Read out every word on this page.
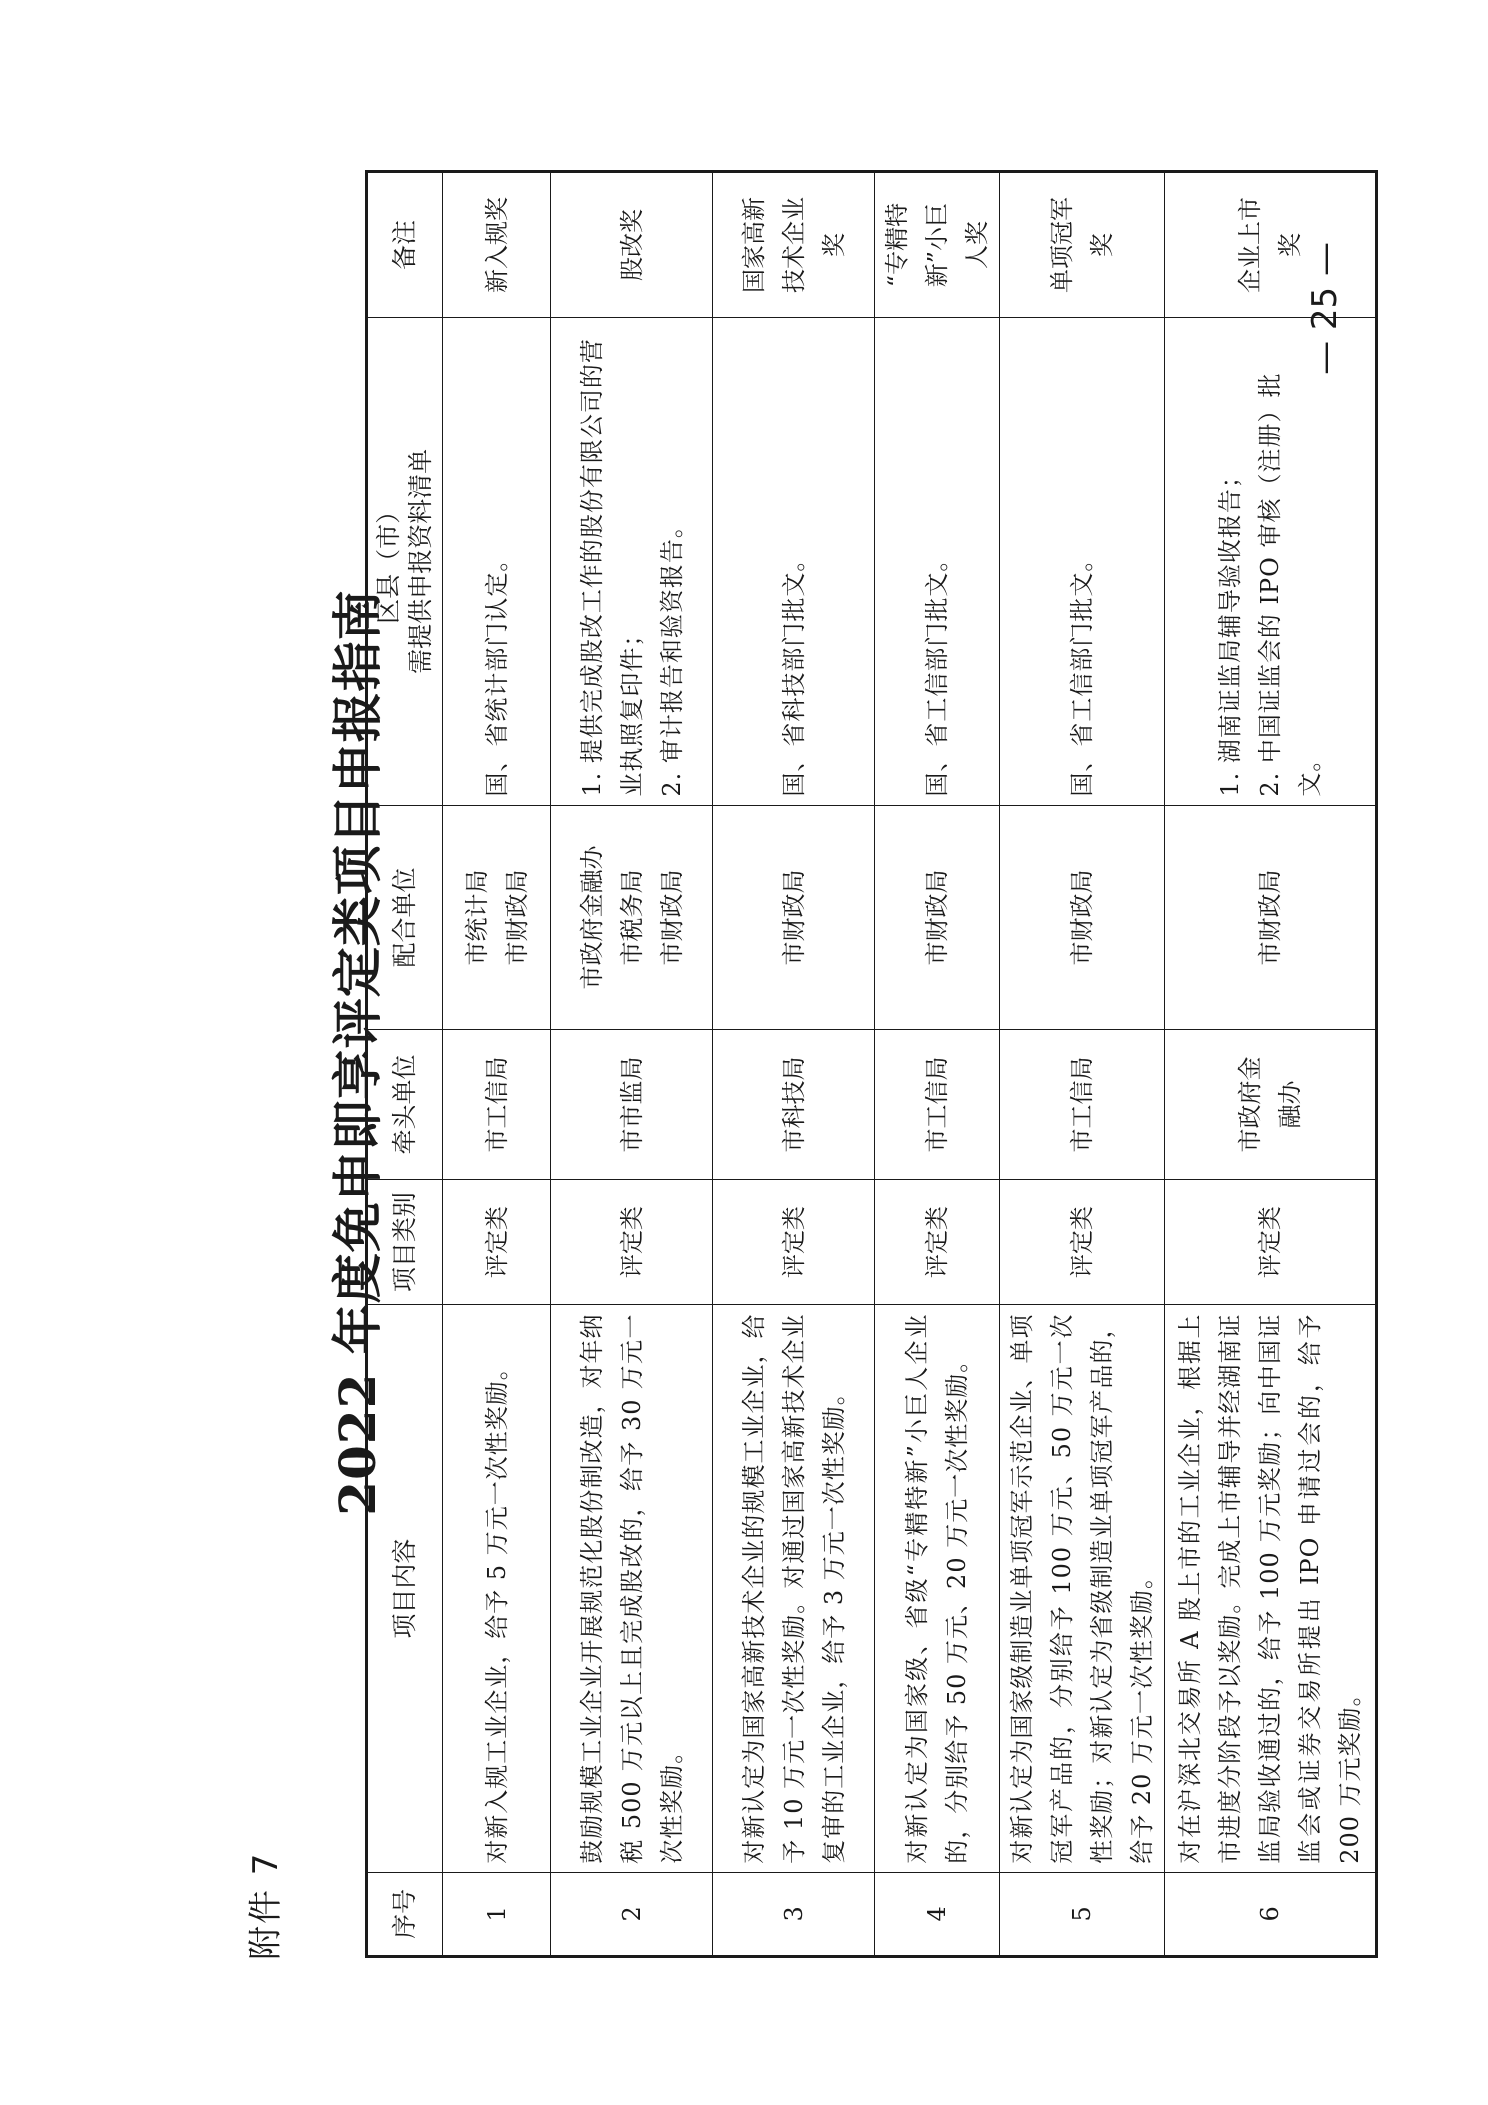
附件 7
2022 年度免申即享评定类项目申报指南
序号	项目内容	项目类别	牵头单位	配合单位	区县（市） 需提供申报资料清单	备注
1	对新入规工业企业，给予 5 万元一次性奖励。	评定类	市工信局	市统计局 市财政局	国、省统计部门认定。	新入规奖

2	鼓励规模工业企业开展规范化股份制改造，对年纳税 500 万元以上且完成股改的，给予 30 万元一次性奖励。	评定类	市市监局	市政府金融办 市税务局 市财政局	1. 提供完成股改工作的股份有限公司的营业执照复印件； 2. 审计报告和验资报告。	股改奖

3	对新认定为国家高新技术企业的规模工业企业，给予 10 万元一次性奖励。对通过国家高新技术企业复审的工业企业，给予 3 万元一次性奖励。	评定类	市科技局	市财政局	国、省科技部门批文。	国家高新 技术企业 奖

4	对新认定为国家级、省级“专精特新”小巨人企业的，分别给予 50 万元、20 万元一次性奖励。	评定类	市工信局	市财政局	国、省工信部门批文。	“专精特 新”小巨 人奖

5	对新认定为国家级制造业单项冠军示范企业、单项冠军产品的，分别给予 100 万元、50 万元一次性奖励；对新认定为省级制造业单项冠军产品的，给予 20 万元一次性奖励。	评定类	市工信局	市财政局	国、省工信部门批文。	单项冠军 奖

6	对在沪深北交易所 A 股上市的工业企业，根据上市进度分阶段予以奖励。完成上市辅导并经湖南证监局验收通过的，给予 100 万元奖励；向中国证监会或证券交易所提出 IPO 申请过会的，给予 200 万元奖励。	评定类	市政府金 融办	市财政局	1. 湖南证监局辅导验收报告； 2. 中国证监会的 IPO 审核（注册）批文。	企业上市 奖 — 25 —
